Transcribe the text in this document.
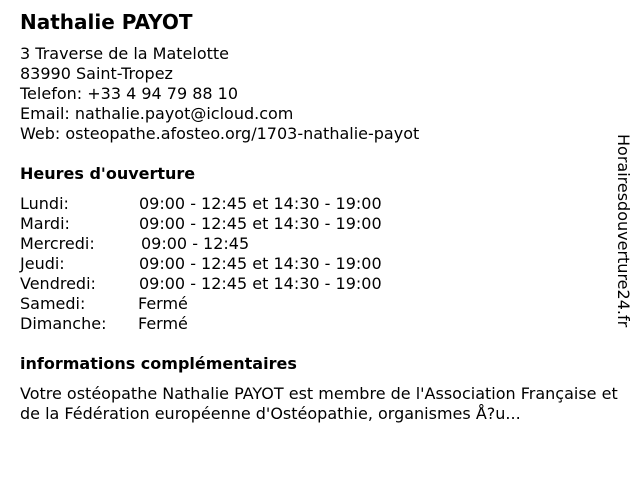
Nathalie PAYOT
3 Traverse de la Matelotte
83990 Saint-Tropez
Telefon: +33 4 94 79 88 10
Email: nathalie.payot@icloud.com
Web: osteopathe.afosteo.org/1703-nathalie-payot
Heures d'ouverture
Lundi:	09:00 - 12:45 et 14:30 - 19:00
Mardi:	09:00 - 12:45 et 14:30 - 19:00
Mercredi:	09:00 - 12:45
Jeudi:	09:00 - 12:45 et 14:30 - 19:00
Vendredi:	09:00 - 12:45 et 14:30 - 19:00
Samedi:	Fermé
Dimanche: Fermé
informations complémentaires
Votre ostéopathe Nathalie PAYOT est membre de l'Association Française et de la Fédération européenne d'Ostéopathie, organismes Å?u...
Horairesdouverture24.fr
